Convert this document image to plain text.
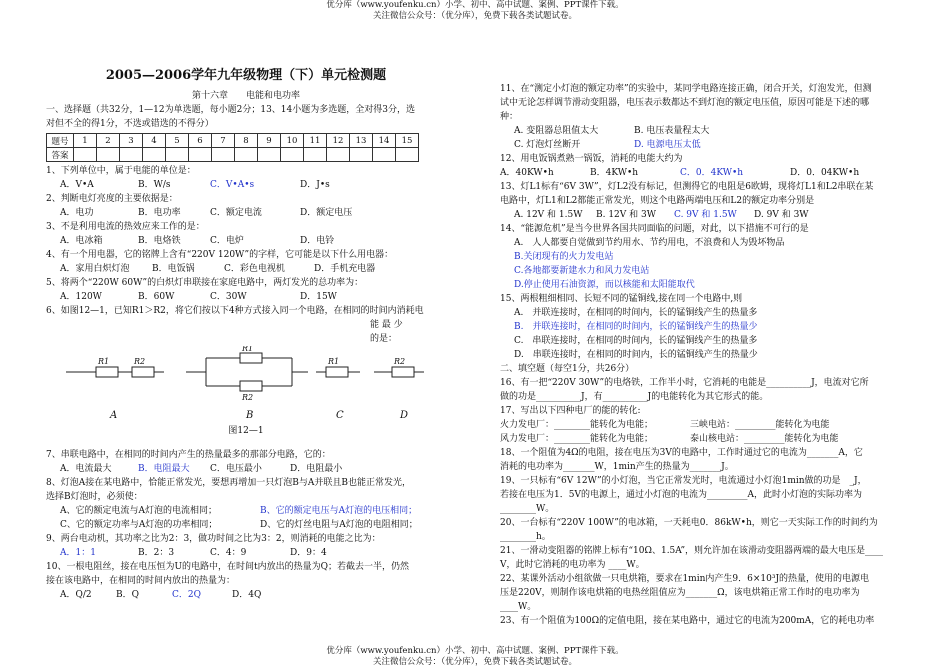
优分库（www.youfenku.cn）小学、初中、高中试题、案例、PPT课件下载。
关注微信公众号：（优分库），免费下载各类试题试卷。
2005—2006学年九年级物理（下）单元检测题
第十六章　　电能和电功率
一、选择题（共32分，1—12为单选题，每小题2分；13、14小题为多选题，全对得3分，选
对但不全的得1分，不选或错选的不得分）
题号	1	2	3	4	5	6	7	8	9	10	11	12	13	14	15
答案															
1、下列单位中，属于电能的单位是：
A．V•A	B．W/s	C．V•A•s	D．J•s
2、判断电灯亮度的主要依据是：
A．电功	B．电功率	C．额定电流	D．额定电压
3、不是利用电流的热效应来工作的是：
A．电冰箱	B．电烙铁	C．电炉	D．电铃
4、有一个用电器，它的铭牌上含有“220V 120W”的字样，它可能是以下什么用电器：
A．家用白炽灯泡	B．电饭锅	C．彩色电视机	D．手机充电器
5、将两个“220W 60W”的白炽灯串联接在家庭电路中，两灯发光的总功率为：
A．120W	B．60W	C．30W	D．15W
6、如图12—1，已知R1＞R2，将它们按以下4种方式接入同一个电路，在相同的时间内消耗电
能 最 少
的是：
R1	R2
R1
R2
R1	R2
A	B	C	D
图12—1
7、串联电路中，在相同的时间内产生的热量最多的那部分电路，它的：
A．电流最大	B．电阻最大 C．电压最小	D．电阻最小
8、灯泡A接在某电路中，恰能正常发光，要想再增加一只灯泡B与A并联且B也能正常发光，
选择B灯泡时，必须使：
A、它的额定电流与A灯泡的电流相同；	B、它的额定电压与A灯泡的电压相同；
C、它的额定功率与A灯泡的功率相同；	D、它的灯丝电阻与A灯泡的电阻相同；
9、两台电动机，其功率之比为2：3，做功时间之比为3：2，则消耗的电能之比为：
A．1：1	B．2：3	C．4：9	D．9：4
10、一根电阻丝，接在电压恒为U的电路中，在时间t内放出的热量为Q；若截去一半，仍然
接在该电路中，在相同的时间内放出的热量为：
A．Q/2	B．Q	C．2Q	D．4Q
11、在“测定小灯泡的额定功率”的实验中，某同学电路连接正确，闭合开关，灯泡发光，但测
试中无论怎样调节滑动变阻器，电压表示数都达不到灯泡的额定电压值，原因可能是下述的哪
种：
A. 变阻器总阻值太大	B. 电压表量程太大
C. 灯泡灯丝断开	D. 电源电压太低
12、用电饭锅煮熟一锅饭，消耗的电能大约为
A．40KW•h	B．4KW•h	C．0．4KW•h	D．0．04KW•h
13、灯L1标有“6V 3W”，灯L2没有标记，但测得它的电阻是6欧姆，现将灯L1和L2串联在某
电路中，灯L1和L2都能正常发光，则这个电路两端电压和L2的额定功率分别是
A. 12V 和 1.5W B. 12V 和 3W C. 9V 和 1.5W D. 9V 和 3W
14、“能源危机”是当今世界各国共同面临的问题，对此，以下措施不可行的是
A.　人人都要自觉做到节约用水、节约用电，不浪费和人为毁坏物品
B.关闭现有的火力发电站
C.各地都要新建水力和风力发电站
D.停止使用石油资源，而以核能和太阳能取代
15、两根粗细相同、长短不同的锰铜线,接在同一个电路中,则
A.　并联连接时，在相同的时间内，长的锰铜线产生的热量多
B.　并联连接时，在相同的时间内，长的锰铜线产生的热量少
C.　串联连接时，在相同的时间内，长的锰铜线产生的热量多
D.　串联连接时，在相同的时间内，长的锰铜线产生的热量少
二、填空题（每空1分，共26分）
16、有一把“220V 30W”的电烙铁，工作半小时，它消耗的电能是__________J，电流对它所
做的功是__________J，有__________J的电能转化为其它形式的能。
17、写出以下四种电厂的能的转化:
火力发电厂：________能转化为电能；	三峡电站：_________能转化为电能
风力发电厂：________能转化为电能；	泰山核电站：_________能转化为电能
18、一个阻值为4Ω的电阻，接在电压为3V的电路中，工作时通过它的电流为_______A，它
消耗的电功率为_______W，1min产生的热量为_______J。
19、一只标有“6V 12W”的小灯泡，当它正常发光时，电流通过小灯泡1min做的功是　_J，
若接在电压为1．5V的电源上，通过小灯泡的电流为_________A，此时小灯泡的实际功率为
________W。
20、一台标有“220V 100W”的电冰箱，一天耗电0．86kW•h，则它一天实际工作的时间约为
________h。
21、一滑动变阻器的铭牌上标有“10Ω、1.5A”，则允许加在该滑动变阻器两端的最大电压是____
V，此时它消耗的电功率为 ____W。
22、某课外活动小组欲做一只电烘箱，要求在1min内产生9．6×10³J的热量，使用的电源电
压是220V，则制作该电烘箱的电热丝阻值应为_______Ω，该电烘箱正常工作时的电功率为
____W。
23、有一个阻值为100Ω的定值电阻，接在某电路中，通过它的电流为200mA，它的耗电功率
优分库（www.youfenku.cn）小学、初中、高中试题、案例、PPT课件下载。
关注微信公众号：（优分库），免费下载各类试题试卷。
